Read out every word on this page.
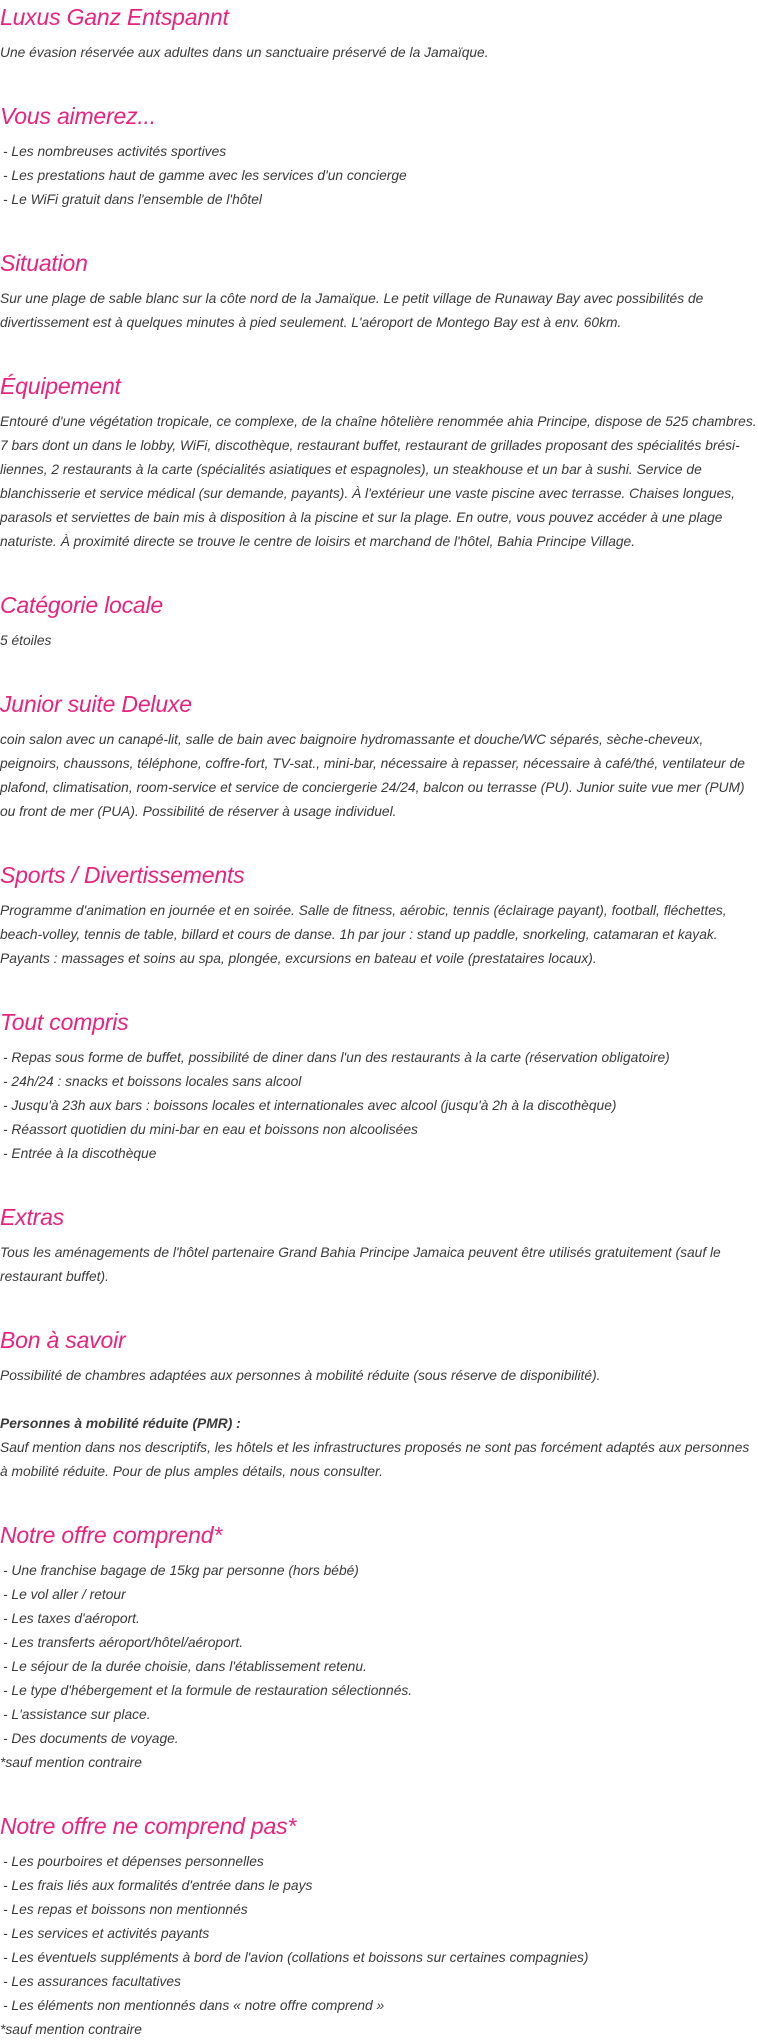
Luxus Ganz Entspannt

Une évasion réservée aux adultes dans un sanctuaire préservé de la Jamaïque.

Vous aimerez...
- Les nombreuses activités sportives
- Les prestations haut de gamme avec les services d'un concierge
- Le WiFi gratuit dans l'ensemble de l'hôtel
Situation

Sur une plage de sable blanc sur la côte nord de la Jamaïque. Le petit village de Runaway Bay avec possibilités de divertissement est à quelques minutes à pied seulement. L'aéroport de Montego Bay est à env. 60km.

Équipement

Entouré d'une végétation tropicale, ce complexe, de la chaîne hôtelière renommée ahia Principe, dispose de 525 chambres. 7 bars dont un dans le lobby, WiFi, discothèque, restaurant buffet, restaurant de grillades proposant des spécialités brési- liennes, 2 restaurants à la carte (spécialités asiatiques et espagnoles), un steakhouse et un bar à sushi. Service de blanchisserie et service médical (sur demande, payants). À l'extérieur une vaste piscine avec terrasse. Chaises longues, parasols et serviettes de bain mis à disposition à la piscine et sur la plage. En outre, vous pouvez accéder à une plage naturiste. À proximité directe se trouve le centre de loisirs et marchand de l'hôtel, Bahia Principe Village.

Catégorie locale

5 étoiles

Junior suite Deluxe

coin salon avec un canapé-lit, salle de bain avec baignoire hydromassante et douche/WC séparés, sèche-cheveux, peignoirs, chaussons, téléphone, coffre-fort, TV-sat., mini-bar, nécessaire à repasser, nécessaire à café/thé, ventilateur de plafond, climatisation, room-service et service de conciergerie 24/24, balcon ou terrasse (PU). Junior suite vue mer (PUM) ou front de mer (PUA). Possibilité de réserver à usage individuel.

Sports / Divertissements

Programme d'animation en journée et en soirée. Salle de fitness, aérobic, tennis (éclairage payant), football, fléchettes, beach-volley, tennis de table, billard et cours de danse. 1h par jour : stand up paddle, snorkeling, catamaran et kayak. Payants : massages et soins au spa, plongée, excursions en bateau et voile (prestataires locaux).

Tout compris
- Repas sous forme de buffet, possibilité de diner dans l'un des restaurants à la carte (réservation obligatoire)
- 24h/24 : snacks et boissons locales sans alcool
- Jusqu'à 23h aux bars : boissons locales et internationales avec alcool (jusqu'à 2h à la discothèque)
- Réassort quotidien du mini-bar en eau et boissons non alcoolisées
- Entrée à la discothèque
Extras

Tous les aménagements de l'hôtel partenaire Grand Bahia Principe Jamaica peuvent être utilisés gratuitement (sauf le restaurant buffet).

Bon à savoir

Possibilité de chambres adaptées aux personnes à mobilité réduite (sous réserve de disponibilité).

Personnes à mobilité réduite (PMR) :

Sauf mention dans nos descriptifs, les hôtels et les infrastructures proposés ne sont pas forcément adaptés aux personnes à mobilité réduite. Pour de plus amples détails, nous consulter.

Notre offre comprend*
- Une franchise bagage de 15kg par personne (hors bébé)
- Le vol aller / retour
- Les taxes d'aéroport.
- Les transferts aéroport/hôtel/aéroport.
- Le séjour de la durée choisie, dans l'établissement retenu.
- Le type d'hébergement et la formule de restauration sélectionnés.
- L'assistance sur place.
- Des documents de voyage.
*sauf mention contraire
Notre offre ne comprend pas*
- Les pourboires et dépenses personnelles
- Les frais liés aux formalités d'entrée dans le pays
- Les repas et boissons non mentionnés
- Les services et activités payants
- Les éventuels suppléments à bord de l'avion (collations et boissons sur certaines compagnies)
- Les assurances facultatives
- Les éléments non mentionnés dans « notre offre comprend »
*sauf mention contraire
